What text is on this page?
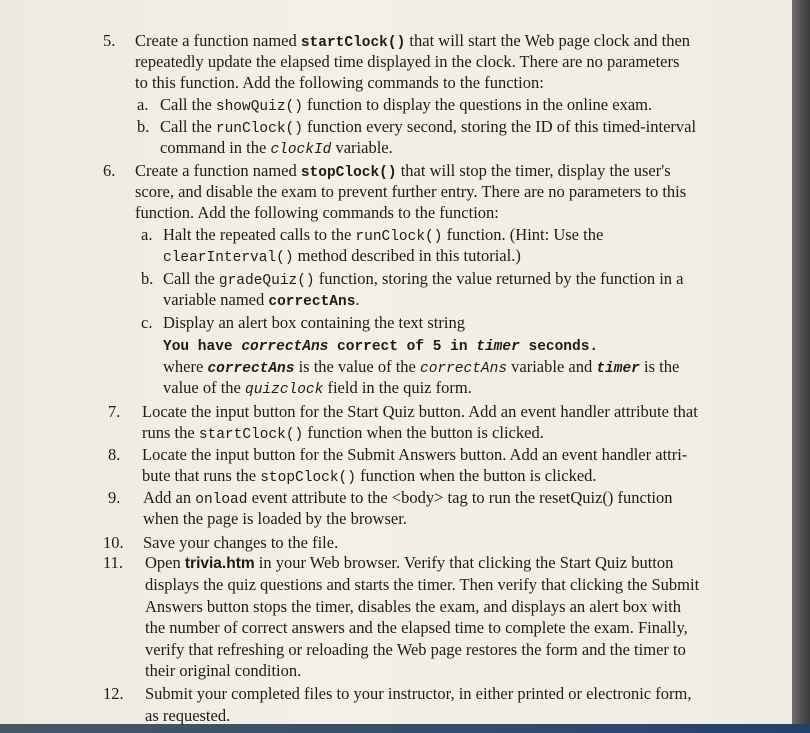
5. Create a function named startClock() that will start the Web page clock and then
repeatedly update the elapsed time displayed in the clock. There are no parameters
to this function. Add the following commands to the function:
a. Call the showQuiz() function to display the questions in the online exam.
b. Call the runClock() function every second, storing the ID of this timed-interval
command in the clockId variable.
6. Create a function named stopClock() that will stop the timer, display the user's
score, and disable the exam to prevent further entry. There are no parameters to this
function. Add the following commands to the function:
a. Halt the repeated calls to the runClock() function. (Hint: Use the
clearInterval() method described in this tutorial.)
b. Call the gradeQuiz() function, storing the value returned by the function in a
variable named correctAns.
c. Display an alert box containing the text string
You have correctAns correct of 5 in timer seconds.
where correctAns is the value of the correctAns variable and timer is the
value of the quizclock field in the quiz form.
7. Locate the input button for the Start Quiz button. Add an event handler attribute that
runs the startClock() function when the button is clicked.
8. Locate the input button for the Submit Answers button. Add an event handler attri-
bute that runs the stopClock() function when the button is clicked.
9. Add an onload event attribute to the <body> tag to run the resetQuiz() function
when the page is loaded by the browser.
10. Save your changes to the file.
11. Open trivia.htm in your Web browser. Verify that clicking the Start Quiz button
displays the quiz questions and starts the timer. Then verify that clicking the Submit
Answers button stops the timer, disables the exam, and displays an alert box with
the number of correct answers and the elapsed time to complete the exam. Finally,
verify that refreshing or reloading the Web page restores the form and the timer to
their original condition.
12. Submit your completed files to your instructor, in either printed or electronic form,
as requested.
